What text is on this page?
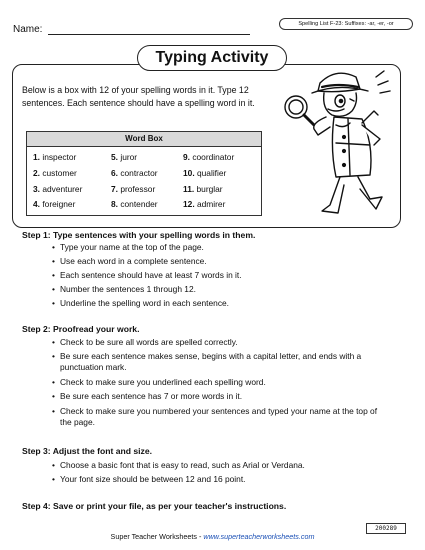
Name:	Spelling List F-23: Suffixes: -ar, -er, -or
Typing Activity
Below is a box with 12 of your spelling words in it. Type 12 sentences. Each sentence should have a spelling word in it.
Word Box
1. inspector
2. customer
3. adventurer
4. foreigner
5. juror
6. contractor
7. professor
8. contender
9. coordinator
10. qualifier
11. burglar
12. admirer
Step 1: Type sentences with your spelling words in them.
• Type your name at the top of the page.
• Use each word in a complete sentence.
• Each sentence should have at least 7 words in it.
• Number the sentences 1 through 12.
• Underline the spelling word in each sentence.
Step 2: Proofread your work.
• Check to be sure all words are spelled correctly.
• Be sure each sentence makes sense, begins with a capital letter, and ends with a punctuation mark.
• Check to make sure you underlined each spelling word.
• Be sure each sentence has 7 or more words in it.
• Check to make sure you numbered your sentences and typed your name at the top of the page.
Step 3: Adjust the font and size.
• Choose a basic font that is easy to read, such as Arial or Verdana.
• Your font size should be between 12 and 16 point.
Step 4: Save or print your file, as per your teacher's instructions.
200289
Super Teacher Worksheets - www.superteacherworksheets.com
